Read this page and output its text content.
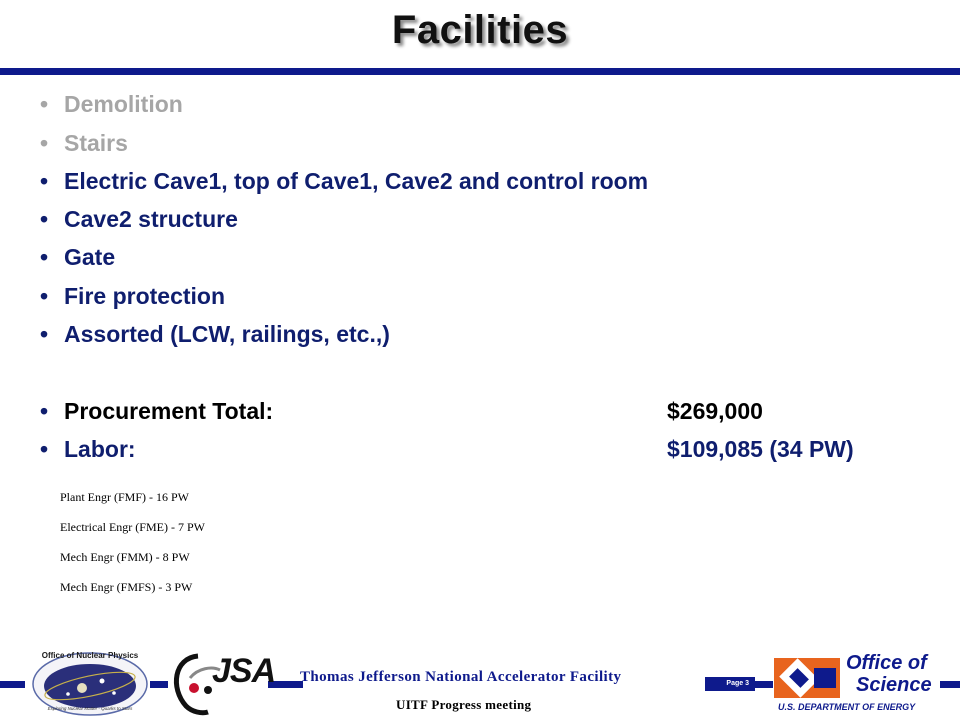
Facilities
• Demolition
• Stairs
• Electric Cave1, top of Cave1, Cave2 and control room
• Cave2 structure
• Gate
• Fire protection
• Assorted (LCW, railings, etc.,)
• Procurement Total:	$269,000
• Labor:	$109,085 (34 PW)
Plant Engr (FMF) - 16 PW
Electrical Engr (FME) - 7 PW
Mech Engr (FMM) - 8 PW
Mech Engr (FMFS) - 3 PW
Office of Nuclear Physics
Exploring Nuclear Matter - Quarks to Stars
JSA Thomas Jefferson National Accelerator Facility	Page 3
UITF Progress meeting
Office of
Science
U.S. DEPARTMENT OF ENERGY
